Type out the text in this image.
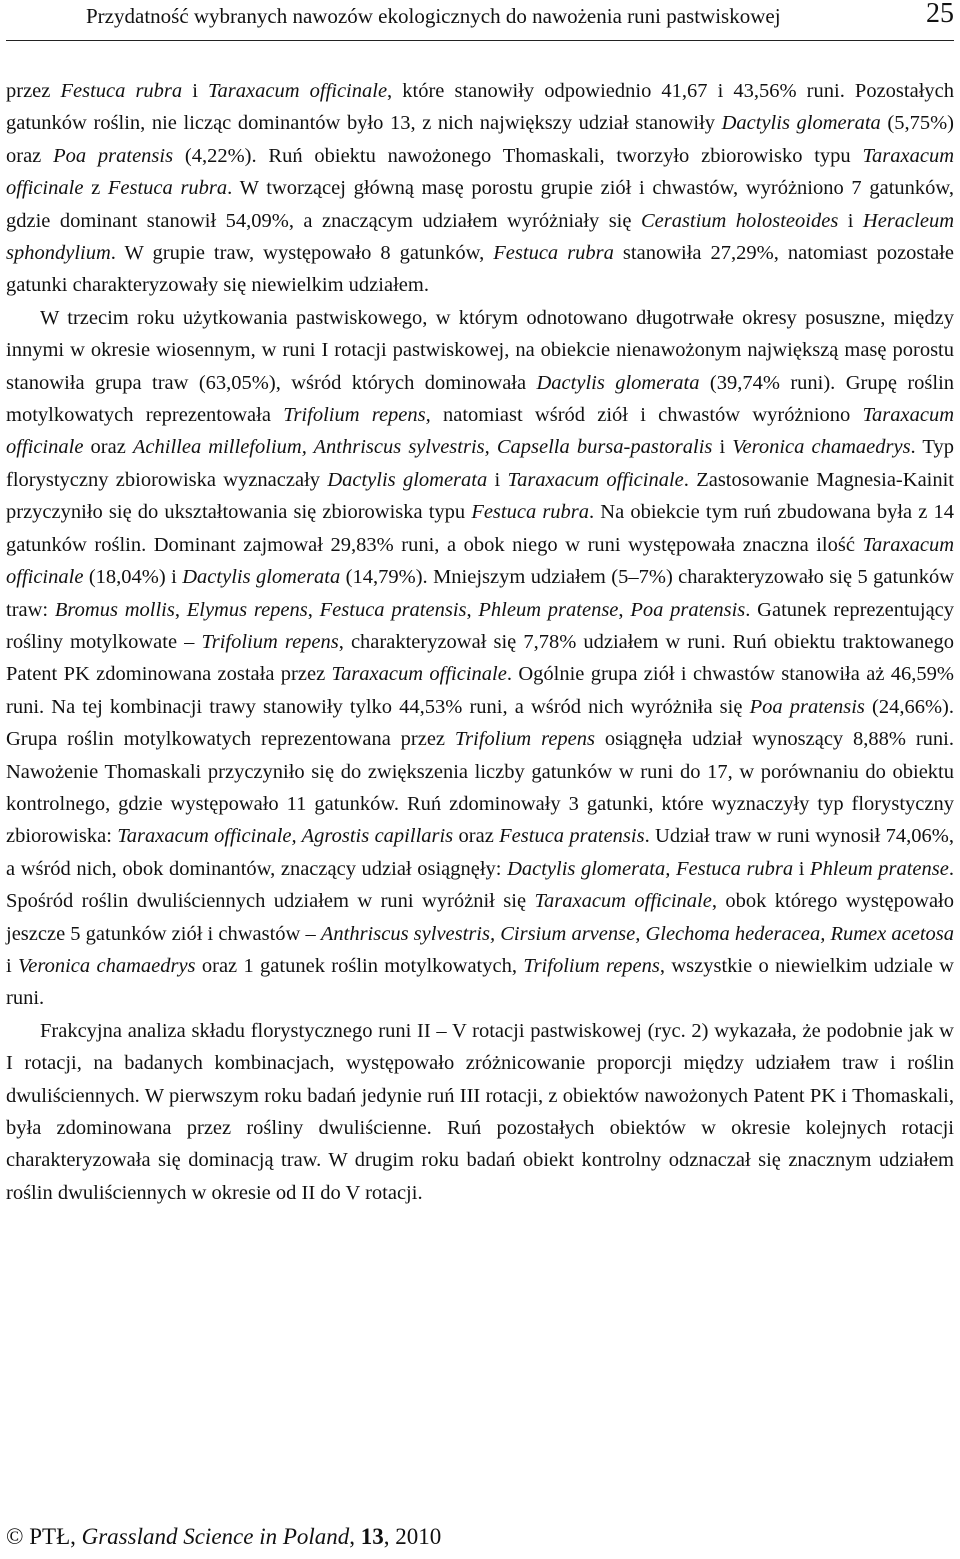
Przydatność wybranych nawozów ekologicznych do nawożenia runi pastwiskowej	25

przez Festuca rubra i Taraxacum officinale, które stanowiły odpowiednio 41,67 i 43,56% runi. Pozostałych gatunków roślin, nie licząc dominantów było 13, z nich największy udział stanowiły Dactylis glomerata (5,75%) oraz Poa pratensis (4,22%). Ruń obiektu nawożonego Thomaskali, tworzyło zbiorowisko typu Taraxacum officinale z Festuca rubra. W tworzącej główną masę porostu grupie ziół i chwastów, wyróżniono 7 gatunków, gdzie dominant stanowił 54,09%, a znaczącym udziałem wyróżniały się Cerastium holosteoides i Heracleum sphondylium. W grupie traw, występowało 8 gatunków, Festuca rubra stanowiła 27,29%, natomiast pozostałe gatunki charakteryzowały się niewielkim udziałem.

W trzecim roku użytkowania pastwiskowego, w którym odnotowano długotrwałe okresy posuszne, między innymi w okresie wiosennym, w runi I rotacji pastwiskowej, na obiekcie nienawożonym największą masę porostu stanowiła grupa traw (63,05%), wśród których dominowała Dactylis glomerata (39,74% runi). Grupę roślin motylkowatych reprezentowała Trifolium repens, natomiast wśród ziół i chwastów wyróżniono Taraxacum officinale oraz Achillea millefolium, Anthriscus sylvestris, Capsella bursa-pastoralis i Veronica chamaedrys. Typ florystyczny zbiorowiska wyznaczały Dactylis glomerata i Taraxacum officinale. Zastosowanie Magnesia-Kainit przyczyniło się do ukształtowania się zbiorowiska typu Festuca rubra. Na obiekcie tym ruń zbudowana była z 14 gatunków roślin. Dominant zajmował 29,83% runi, a obok niego w runi występowała znaczna ilość Taraxacum officinale (18,04%) i Dactylis glomerata (14,79%). Mniejszym udziałem (5–7%) charakteryzowało się 5 gatunków traw: Bromus mollis, Elymus repens, Festuca pratensis, Phleum pratense, Poa pratensis. Gatunek reprezentujący rośliny motylkowate – Trifolium repens, charakteryzował się 7,78% udziałem w runi. Ruń obiektu traktowanego Patent PK zdominowana została przez Taraxacum officinale. Ogólnie grupa ziół i chwastów stanowiła aż 46,59% runi. Na tej kombinacji trawy stanowiły tylko 44,53% runi, a wśród nich wyróżniła się Poa pratensis (24,66%). Grupa roślin motylkowatych reprezentowana przez Trifolium repens osiągnęła udział wynoszący 8,88% runi. Nawożenie Thomaskali przyczyniło się do zwiększenia liczby gatunków w runi do 17, w porównaniu do obiektu kontrolnego, gdzie występowało 11 gatunków. Ruń zdominowały 3 gatunki, które wyznaczyły typ florystyczny zbiorowiska: Taraxacum officinale, Agrostis capillaris oraz Festuca pratensis. Udział traw w runi wynosił 74,06%, a wśród nich, obok dominantów, znaczący udział osiągnęły: Dactylis glomerata, Festuca rubra i Phleum pratense. Spośród roślin dwuliściennych udziałem w runi wyróżnił się Taraxacum officinale, obok którego występowało jeszcze 5 gatunków ziół i chwastów – Anthriscus sylvestris, Cirsium arvense, Glechoma hederacea, Rumex acetosa i Veronica chamaedrys oraz 1 gatunek roślin motylkowatych, Trifolium repens, wszystkie o niewielkim udziale w runi.

Frakcyjna analiza składu florystycznego runi II – V rotacji pastwiskowej (ryc. 2) wykazała, że podobnie jak w I rotacji, na badanych kombinacjach, występowało zróżnicowanie proporcji między udziałem traw i roślin dwuliściennych. W pierwszym roku badań jedynie ruń III rotacji, z obiektów nawożonych Patent PK i Thomaskali, była zdominowana przez rośliny dwuliścienne. Ruń pozostałych obiektów w okresie kolejnych rotacji charakteryzowała się dominacją traw. W drugim roku badań obiekt kontrolny odznaczał się znacznym udziałem roślin dwuliściennych w okresie od II do V rotacji.

© PTŁ, Grassland Science in Poland, 13, 2010
